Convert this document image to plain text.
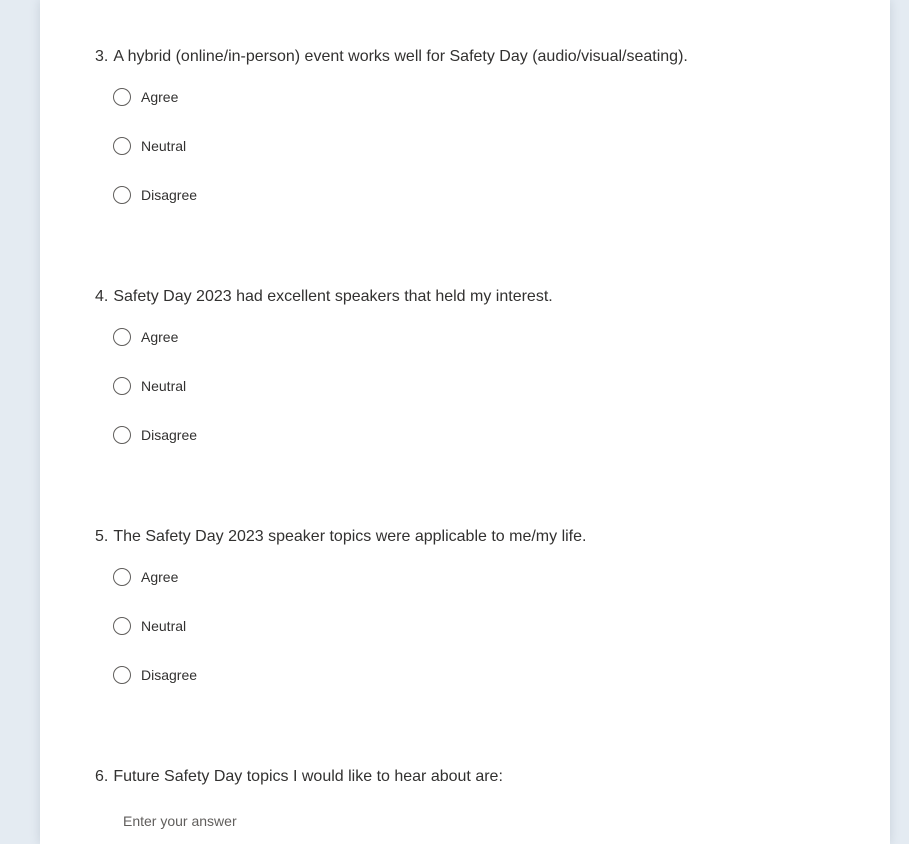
3. A hybrid (online/in-person) event works well for Safety Day (audio/visual/seating).
Agree
Neutral
Disagree
4. Safety Day 2023 had excellent speakers that held my interest.
Agree
Neutral
Disagree
5. The Safety Day 2023 speaker topics were applicable to me/my life.
Agree
Neutral
Disagree
6. Future Safety Day topics I would like to hear about are:
Enter your answer
